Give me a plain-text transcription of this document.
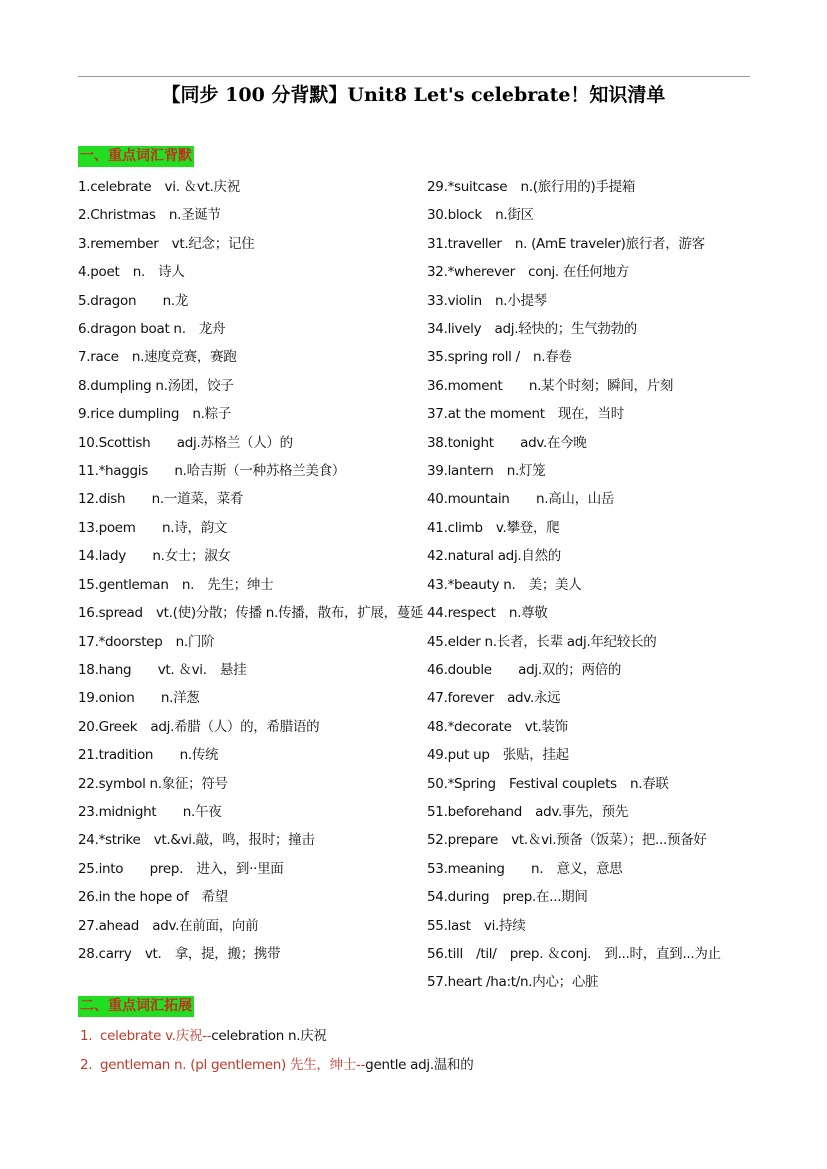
【同步 100 分背默】Unit8 Let's celebrate！知识清单
一、重点词汇背默
1.celebrate　vi. ＆vt.庆祝
2.Christmas　n.圣诞节
3.remember　vt.纪念；记住
4.poet　n.　诗人
5.dragon　　n.龙
6.dragon boat n.　龙舟
7.race　n.速度竞赛，赛跑
8.dumpling n.汤团，饺子
9.rice dumpling　n.粽子
10.Scottish　　adj.苏格兰（人）的
11.*haggis　　n.哈吉斯（一种苏格兰美食）
12.dish　　n.一道菜，菜肴
13.poem　　n.诗，韵文
14.lady　　n.女士；淑女
15.gentleman　n.　先生；绅士
16.spread　vt.(使)分散；传播 n.传播，散布，扩展，蔓延
17.*doorstep　n.门阶
18.hang　　vt. ＆vi.　悬挂
19.onion　　n.洋葱
20.Greek　adj.希腊（人）的，希腊语的
21.tradition　　n.传统
22.symbol n.象征；符号
23.midnight　　n.午夜
24.*strike　vt.&vi.敲，鸣，报时；撞击
25.into　　prep.　进入，到··里面
26.in the hope of　希望
27.ahead　adv.在前面，向前
28.carry　vt.　拿，提，搬；携带
29.*suitcase　n.(旅行用的)手提箱
30.block　n.街区
31.traveller　n. (AmE traveler)旅行者，游客
32.*wherever　conj. 在任何地方
33.violin　n.小提琴
34.lively　adj.轻快的；生气勃勃的
35.spring roll /　n.春卷
36.moment　　n.某个时刻；瞬间，片刻
37.at the moment　现在，当时
38.tonight　　adv.在今晚
39.lantern　n.灯笼
40.mountain　　n.高山，山岳
41.climb　v.攀登，爬
42.natural adj.自然的
43.*beauty n.　美；美人
44.respect　n.尊敬
45.elder n.长者，长辈 adj.年纪较长的
46.double　　adj.双的；两倍的
47.forever　adv.永远
48.*decorate　vt.装饰
49.put up　张贴，挂起
50.*Spring　Festival couplets　n.春联
51.beforehand　adv.事先，预先
52.prepare　vt.＆vi.预备（饭菜）；把...预备好
53.meaning　　n.　意义，意思
54.during　prep.在...期间
55.last　vi.持续
56.till　/til/　prep. ＆conj.　到...时，直到...为止
57.heart /ha:t/n.内心；心脏
二、重点词汇拓展
1. celebrate v.庆祝--celebration n.庆祝
2. gentleman n. (pl gentlemen) 先生，绅士--gentle adj.温和的
